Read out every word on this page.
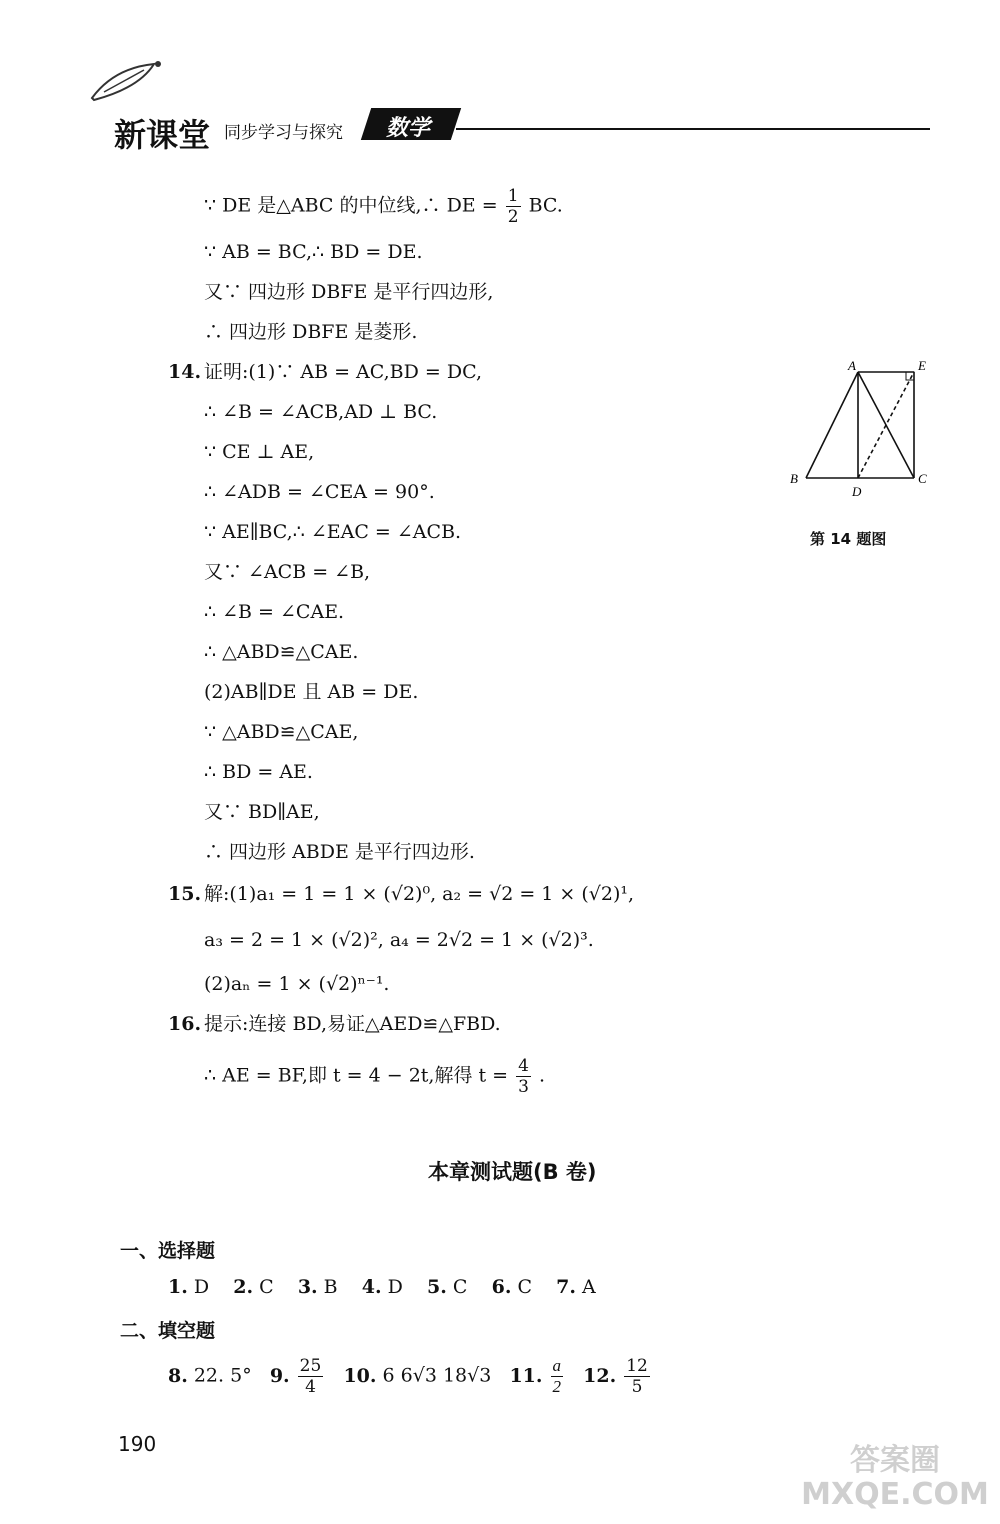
新课堂 同步学习与探究 数学
∵ DE 是△ABC 的中位线,∴ DE = $\frac{1}{2}$ BC.
∵ AB = BC,∴ BD = DE.
又∵ 四边形 DBFE 是平行四边形,
∴ 四边形 DBFE 是菱形.
14. 证明:(1)∵ AB = AC,BD = DC,
∴ ∠B = ∠ACB,AD ⊥ BC.
∵ CE ⊥ AE,
∴ ∠ADB = ∠CEA = 90°.
∵ AE∥BC,∴ ∠EAC = ∠ACB.
又∵ ∠ACB = ∠B,
∴ ∠B = ∠CAE.
∴ △ABD≌△CAE.
(2)AB∥DE 且 AB = DE.
∵ △ABD≌△CAE,
∴ BD = AE.
又∵ BD∥AE,
∴ 四边形 ABDE 是平行四边形.
A	E
B
D
C
第 14 题图
15. 解:(1)a₁ = 1 = 1 × (√2)⁰, a₂ = √2 = 1 × (√2)¹,
a₃ = 2 = 1 × (√2)², a₄ = 2√2 = 1 × (√2)³.
(2)aₙ = 1 × (√2)ⁿ⁻¹.
16. 提示:连接 BD,易证△AED≌△FBD.
∴ AE = BF,即 t = 4 − 2t,解得 $t = \frac{4}{3}$ .
本章测试题(B 卷)
一、选择题
1. D 2. C 3. B 4. D 5. C 6. C 7. A
二、填空题
8. 22. 5° 9. $\frac{25}{4} 10$. 6 6√3 18√3 11. $\frac{a}{2} 12$. $\frac{12}{5}$
190	答案圈 MXQE.COM
